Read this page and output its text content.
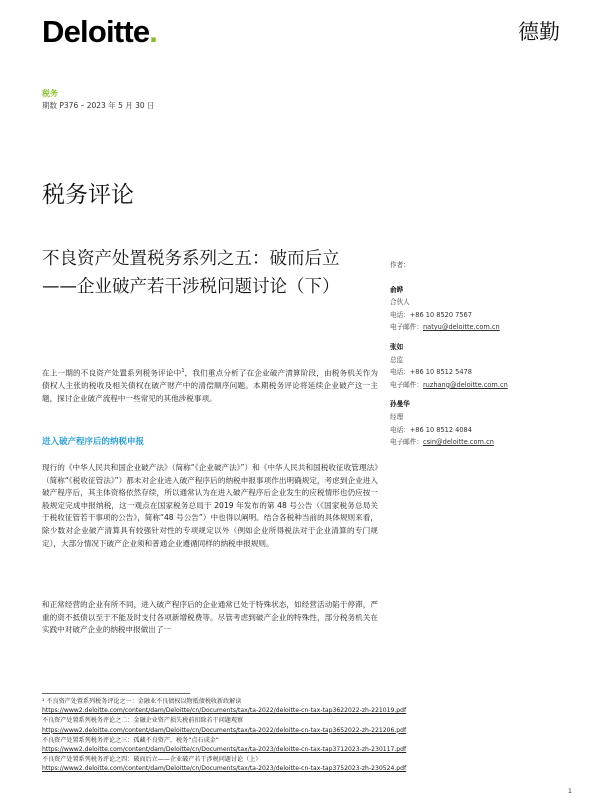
Deloitte.	德勤
税务
期数 P376 – 2023 年 5 月 30 日
税务评论
不良资产处置税务系列之五：破而后立——企业破产若干涉税问题讨论（下）
在上一期的不良资产处置系列税务评论中$^1$，我们重点分析了在企业破产清算阶段，由税务机关作为债权人主张的税收及相关债权在破产财产中的清偿顺序问题。本期税务评论将延续企业破产这一主题，探讨企业破产流程中一些常见的其他涉税事项。
进入破产程序后的纳税申报
现行的《中华人民共和国企业破产法》（简称“《企业破产法》”）和《中华人民共和国税收征收管理法》（简称“《税收征管法》”）都未对企业进入破产程序后的纳税申报事项作出明确规定，考虑到企业进入破产程序后，其主体资格依然存续，所以通常认为在进入破产程序后企业发生的应税情形也仍应按一般规定完成申报纳税，这一观点在国家税务总局于 2019 年发布的第 48 号公告（《国家税务总局关于税收征管若干事项的公告》，简称“48 号公告”）中也得以阐明。结合各税种当前的具体规则来看，除少数对企业破产清算具有较强针对性的专项规定以外（例如企业所得税法对于企业清算的专门规定），大部分情况下破产企业须和普通企业遵循同样的纳税申报规则。
和正常经营的企业有所不同，进入破产程序后的企业通常已处于特殊状态，如经营活动陷于停滞，严重的资不抵债以至于不能及时支付各项新增税费等。尽管考虑到破产企业的特殊性，部分税务机关在实践中对破产企业的纳税申报做出了一
作者：
俞晔
合伙人
电话：+86 10 8520 7567
电子邮件：natyu@deloitte.com.cn
张如
总监
电话：+86 10 8512 5478
电子邮件：ruzhang@deloitte.com.cn
孙曼华
经理
电话：+86 10 8512 4084
电子邮件：csin@deloitte.com.cn
¹ 不良资产处置系列税务评论之一：金融业不良债权以物抵债税收新政解读
https://www2.deloitte.com/content/dam/Deloitte/cn/Documents/tax/ta-2022/deloitte-cn-tax-tap3622022-zh-221019.pdf
不良资产处置系列税务评论之二：金融企业资产损失税前扣除若干问题观察
https://www2.deloitte.com/content/dam/Deloitte/cn/Documents/tax/ta-2022/deloitte-cn-tax-tap3652022-zh-221206.pdf
不良资产处置系列税务评论之三：孤藏不良资产，税务“点石成金”
https://www2.deloitte.com/content/dam/Deloitte/cn/Documents/tax/ta-2023/deloitte-cn-tax-tap3712023-zh-230117.pdf
不良资产处置系列税务评论之四：破而后立——企业破产若干涉税问题讨论（上）
https://www2.deloitte.com/content/dam/Deloitte/cn/Documents/tax/ta-2023/deloitte-cn-tax-tap3752023-zh-230524.pdf
1
